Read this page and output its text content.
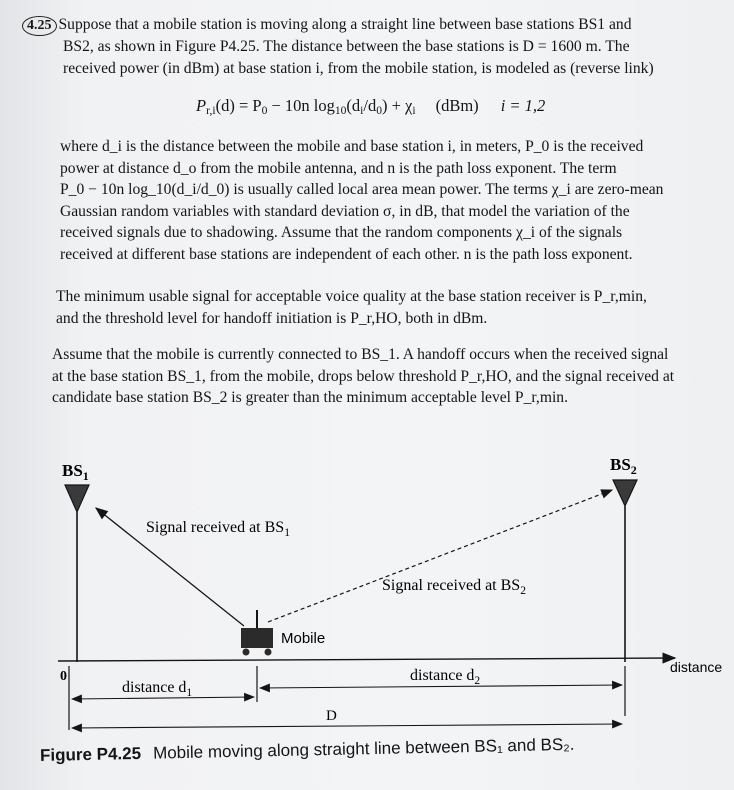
4.25 Suppose that a mobile station is moving along a straight line between base stations BS1 and
BS2, as shown in Figure P4.25. The distance between the base stations is D = 1600 m. The
received power (in dBm) at base station i, from the mobile station, is modeled as (reverse link)
$P_{r,i}(d) = P_0 - 10n$ $\log_{10}(d_i/d_0) + \chi_i$ (dBm) i = 1,2
where d_i is the distance between the mobile and base station i, in meters, P_0 is the received
power at distance d_o from the mobile antenna, and n is the path loss exponent. The term
P_0 − 10n log_10(d_i/d_0) is usually called local area mean power. The terms χ_i are zero-mean
Gaussian random variables with standard deviation σ, in dB, that model the variation of the
received signals due to shadowing. Assume that the random components χ_i of the signals
received at different base stations are independent of each other. n is the path loss exponent.
The minimum usable signal for acceptable voice quality at the base station receiver is P_r,min,
and the threshold level for handoff initiation is P_r,HO, both in dBm.
Assume that the mobile is currently connected to BS_1. A handoff occurs when the received signal
at the base station BS_1, from the mobile, drops below threshold P_r,HO, and the signal received at
candidate base station BS_2 is greater than the minimum acceptable level P_r,min.
$BS_1$
$BS_2$
Signal received at $BS_1$
Signal received at $BS_2$
Mobile
0
distance
distance $d_1$
distance $d_2$
D
Figure P4.25 Mobile moving along straight line between BS₁ and BS₂.
